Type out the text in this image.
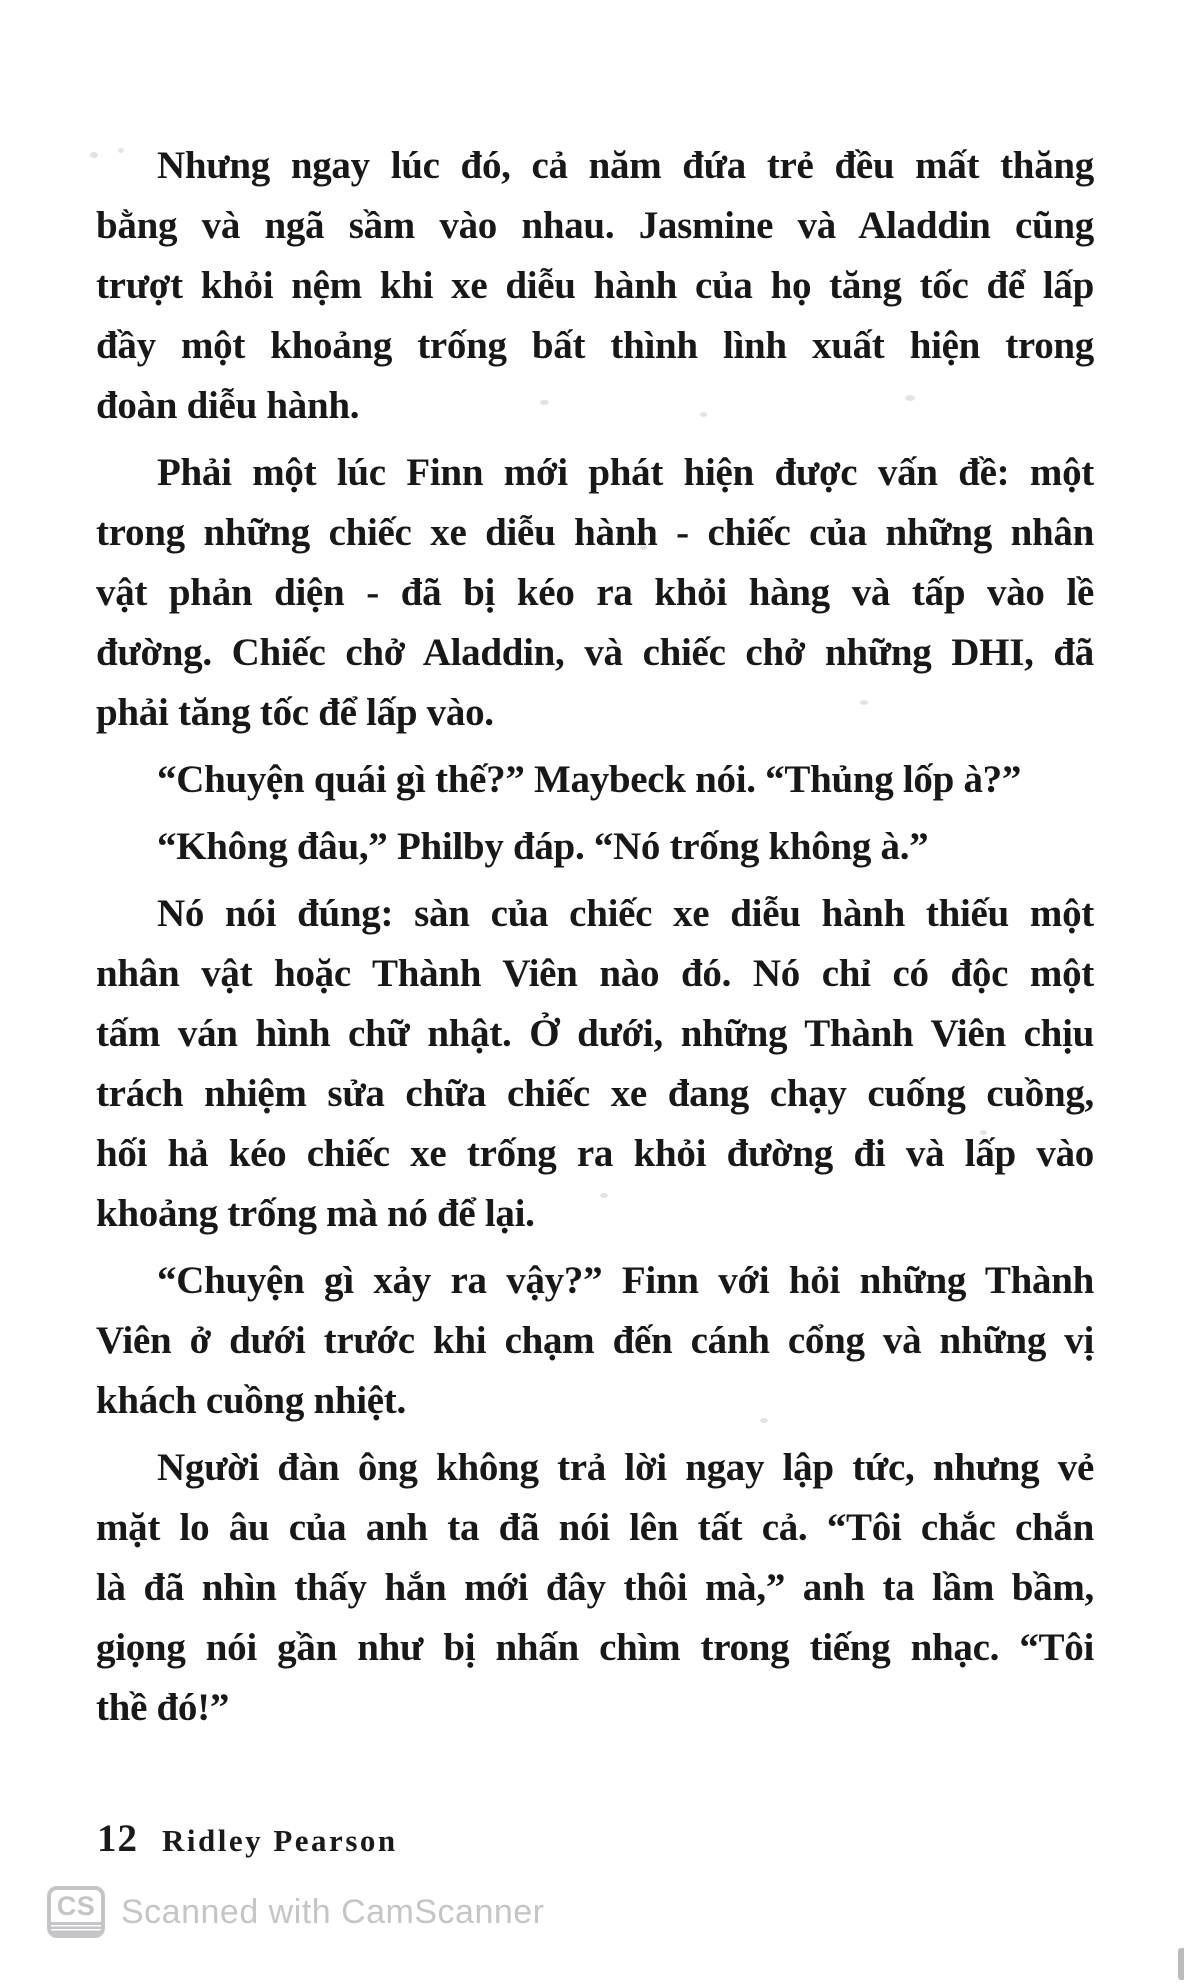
Nhưng ngay lúc đó, cả năm đứa trẻ đều mất thăng
bằng và ngã sầm vào nhau. Jasmine và Aladdin cũng
trượt khỏi nệm khi xe diễu hành của họ tăng tốc để lấp
đầy một khoảng trống bất thình lình xuất hiện trong
đoàn diễu hành.
Phải một lúc Finn mới phát hiện được vấn đề: một
trong những chiếc xe diễu hành - chiếc của những nhân
vật phản diện - đã bị kéo ra khỏi hàng và tấp vào lề
đường. Chiếc chở Aladdin, và chiếc chở những DHI, đã
phải tăng tốc để lấp vào.
“Chuyện quái gì thế?” Maybeck nói. “Thủng lốp à?”
“Không đâu,” Philby đáp. “Nó trống không à.”
Nó nói đúng: sàn của chiếc xe diễu hành thiếu một
nhân vật hoặc Thành Viên nào đó. Nó chỉ có độc một
tấm ván hình chữ nhật. Ở dưới, những Thành Viên chịu
trách nhiệm sửa chữa chiếc xe đang chạy cuống cuồng,
hối hả kéo chiếc xe trống ra khỏi đường đi và lấp vào
khoảng trống mà nó để lại.
“Chuyện gì xảy ra vậy?” Finn với hỏi những Thành
Viên ở dưới trước khi chạm đến cánh cổng và những vị
khách cuồng nhiệt.
Người đàn ông không trả lời ngay lập tức, nhưng vẻ
mặt lo âu của anh ta đã nói lên tất cả. “Tôi chắc chắn
là đã nhìn thấy hắn mới đây thôi mà,” anh ta lầm bầm,
giọng nói gần như bị nhấn chìm trong tiếng nhạc. “Tôi
thề đó!”
12 Ridley Pearson
CS Scanned with CamScanner
